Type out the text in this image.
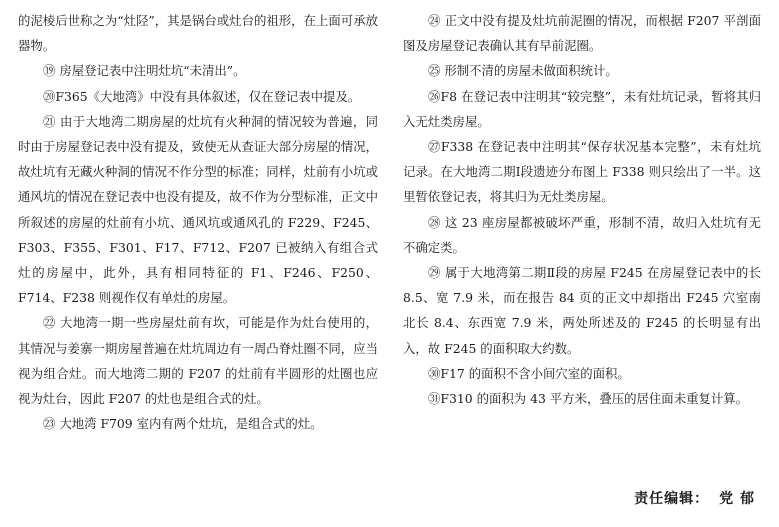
的泥棱后世称之为“灶陉”，其是锅台或灶台的祖形，在上面可承放器物。

⑲ 房屋登记表中注明灶坑“未清出”。

⑳F365《大地湾》中没有具体叙述，仅在登记表中提及。

㉑ 由于大地湾二期房屋的灶坑有火种洞的情况较为普遍，同时由于房屋登记表中没有提及，致使无从查证大部分房屋的情况，故灶坑有无藏火种洞的情况不作分型的标准；同样，灶前有小坑或通风坑的情况在登记表中也没有提及，故不作为分型标准，正文中所叙述的房屋的灶前有小坑、通风坑或通风孔的 F229、F245、F303、F355、F301、F17、F712、F207 已被纳入有组合式灶的房屋中，此外，具有相同特征的 F1、F246、F250、F714、F238 则视作仅有单灶的房屋。

㉒ 大地湾一期一些房屋灶前有坎，可能是作为灶台使用的，其情况与姜寨一期房屋普遍在灶坑周边有一周凸脊灶圈不同，应当视为组合灶。而大地湾二期的 F207 的灶前有半圆形的灶圈也应视为灶台，因此 F207 的灶也是组合式的灶。

㉓ 大地湾 F709 室内有两个灶坑，是组合式的灶。

㉔ 正文中没有提及灶坑前泥圈的情况，而根据 F207 平剖面图及房屋登记表确认其有早前泥圈。

㉕ 形制不清的房屋未做面积统计。

㉖F8 在登记表中注明其“较完整”，未有灶坑记录，暂将其归入无灶类房屋。

㉗F338 在登记表中注明其“保存状况基本完整”，未有灶坑记录。在大地湾二期Ⅰ段遗迹分布图上 F338 则只绘出了一半。这里暂依登记表，将其归为无灶类房屋。

㉘ 这 23 座房屋都被破坏严重，形制不清，故归入灶坑有无不确定类。

㉙ 属于大地湾第二期Ⅱ段的房屋 F245 在房屋登记表中的长 8.5、宽 7.9 米，而在报告 84 页的正文中却指出 F245 穴室南北长 8.4、东西宽 7.9 米，两处所述及的 F245 的长明显有出入，故 F245 的面积取大约数。

㉚F17 的面积不含小间穴室的面积。

㉛F310 的面积为 43 平方米，叠压的居住面未重复计算。

责任编辑： 党 郁
